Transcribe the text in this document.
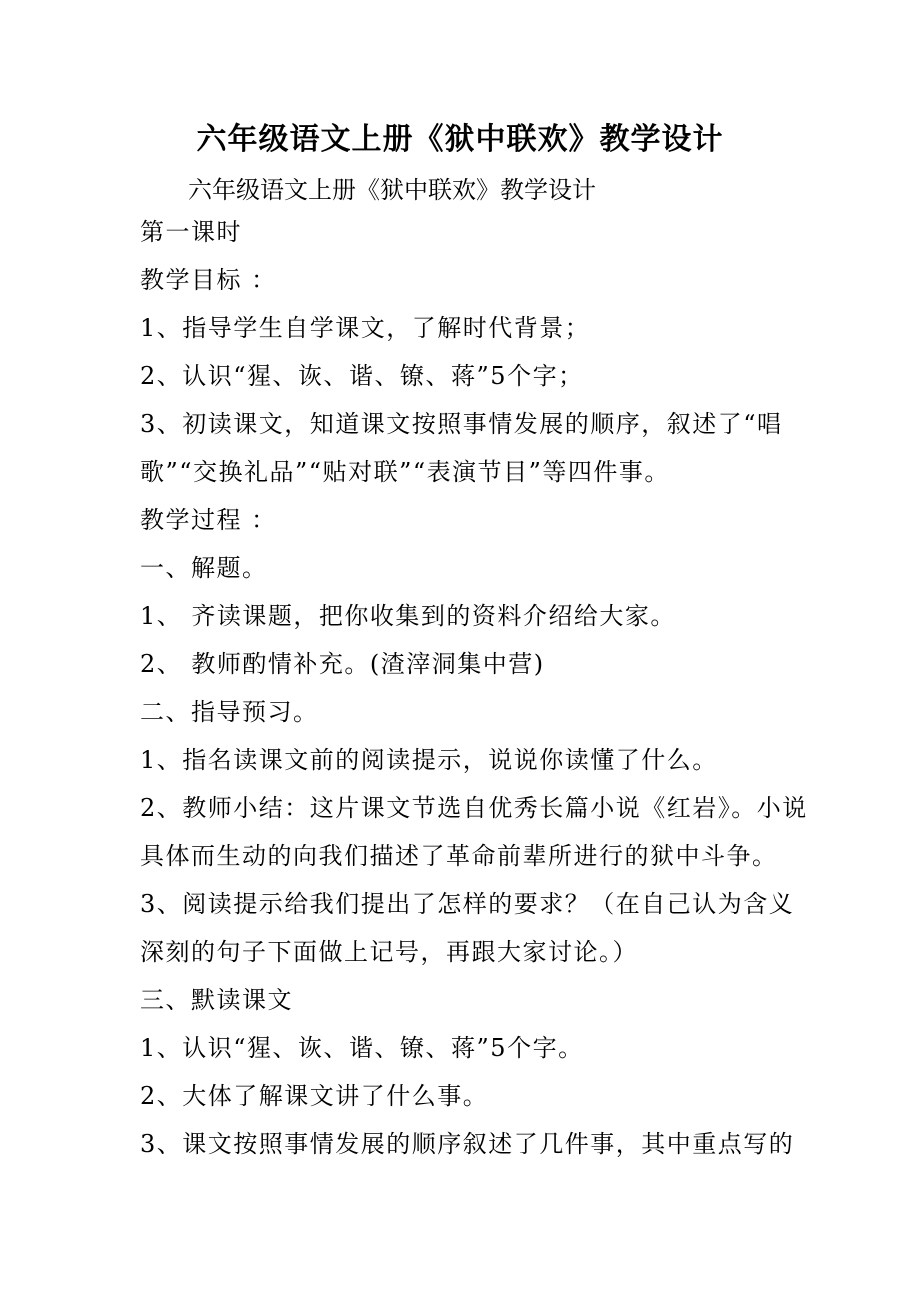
六年级语文上册《狱中联欢》教学设计
六年级语文上册《狱中联欢》教学设计
第一课时
教学目标 ：
1、指导学生自学课文，了解时代背景；
2、认识“猩、诙、谐、镣、蒋”5个字；
3、初读课文，知道课文按照事情发展的顺序，叙述了“唱
歌”“交换礼品”“贴对联”“表演节目”等四件事。
教学过程 ：
一、解题。
1、 齐读课题，把你收集到的资料介绍给大家。
2、 教师酌情补充。(渣滓洞集中营)
二、指导预习。
1、指名读课文前的阅读提示，说说你读懂了什么。
2、教师小结：这片课文节选自优秀长篇小说《红岩》。小说
具体而生动的向我们描述了革命前辈所进行的狱中斗争。
3、阅读提示给我们提出了怎样的要求？（在自己认为含义
深刻的句子下面做上记号，再跟大家讨论。）
三、默读课文
1、认识“猩、诙、谐、镣、蒋”5个字。
2、大体了解课文讲了什么事。
3、课文按照事情发展的顺序叙述了几件事，其中重点写的
